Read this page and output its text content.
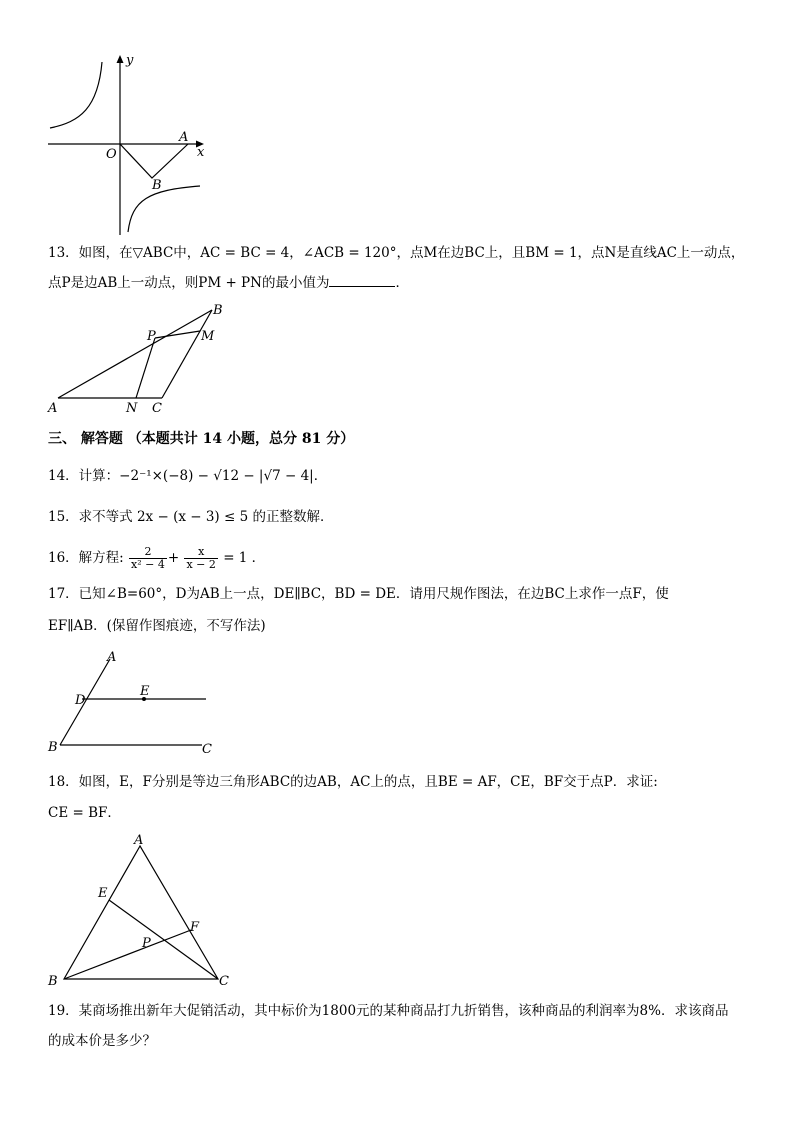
y
x
O
A
B
13．如图，在▽ABC中，AC = BC = 4，∠ACB = 120°，点M在边BC上，且BM = 1，点N是直线AC上一动点，
点P是边AB上一动点，则PM + PN的最小值为	．
B
P	M
A	N C
三、 解答题 （本题共计 14 小题，总分 81 分）
14．计算：−2⁻¹×(−8) − √12 − |√7 − 4|．
15．求不等式 2x − (x − 3) ≤ 5 的正整数解．
16．解方程: $\frac{2}{\text{x² − 4}} + \frac{x}{x - 2} = 1$ ．
17．已知∠B=60°，D为AB上一点，DE∥BC，BD = DE．请用尺规作图法，在边BC上求作一点F，使
EF∥AB．(保留作图痕迹，不写作法)
A
D
E
B	C
18．如图，E，F分别是等边三角形ABC的边AB，AC上的点，且BE = AF，CE，BF交于点P．求证:
CE = BF．
A
E
F
P
B	C
19．某商场推出新年大促销活动，其中标价为1800元的某种商品打九折销售，该种商品的利润率为8%．求该商品
的成本价是多少？
